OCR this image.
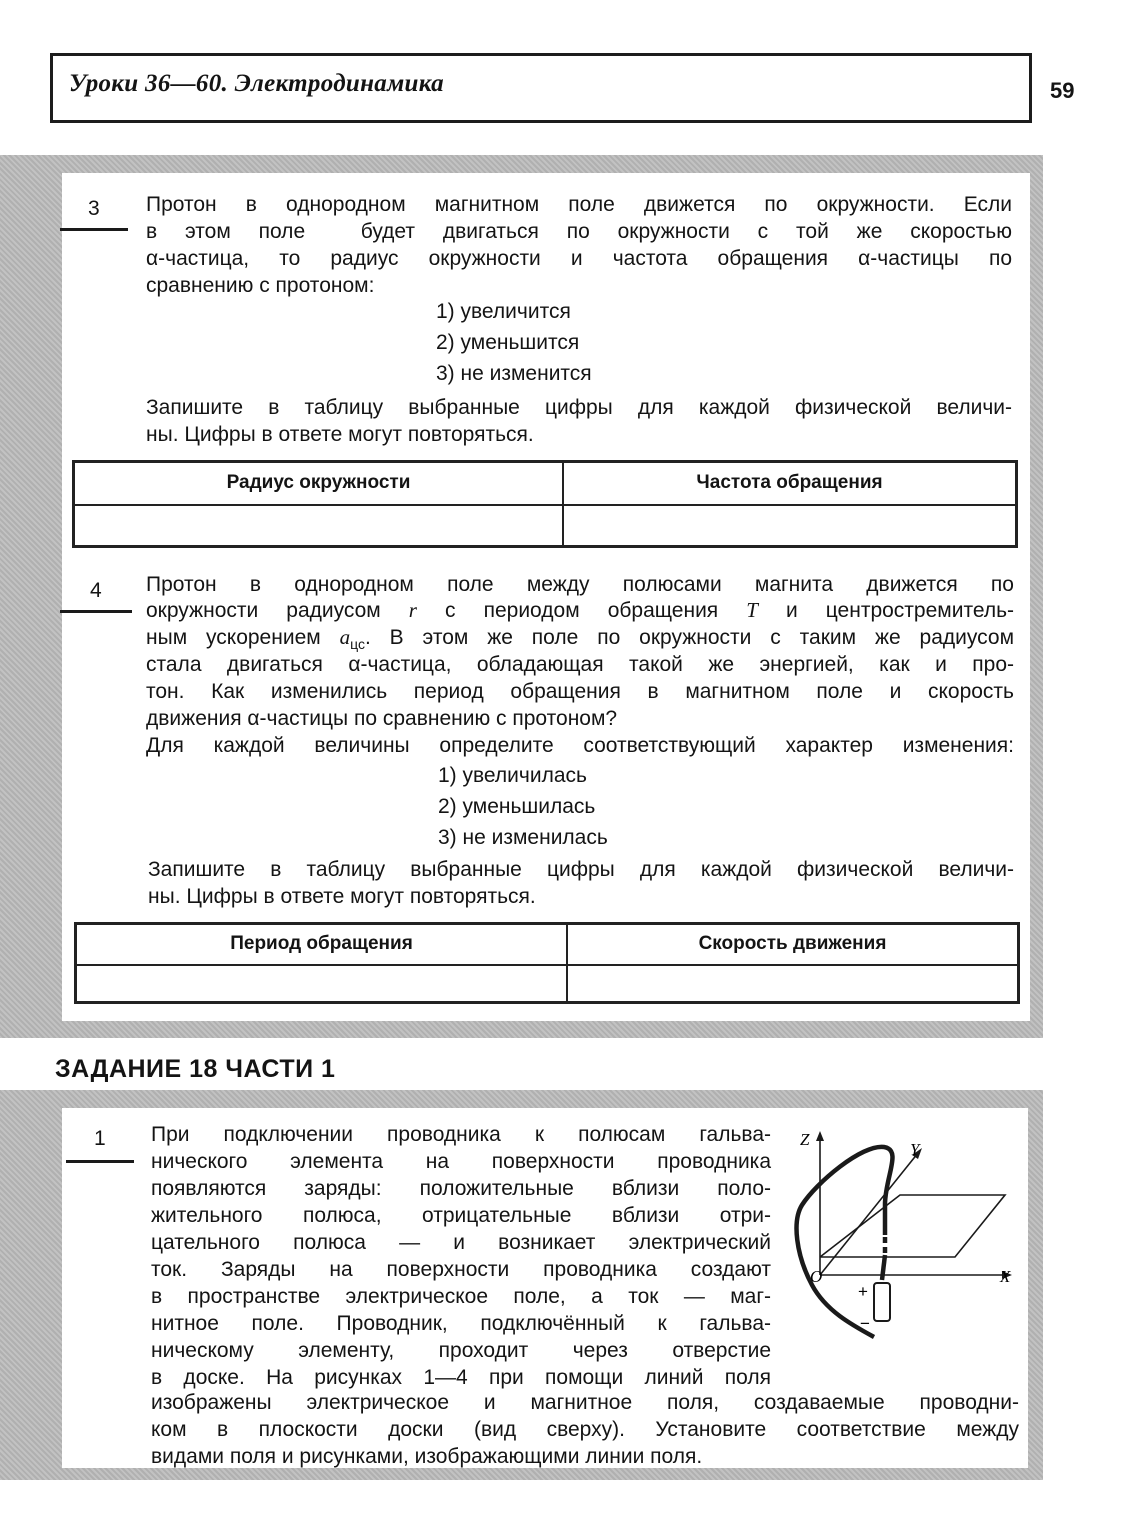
Уроки 36—60. Электродинамика	59
3 Протон в однородном магнитном поле движется по окружности. Если

в этом поле  будет двигаться по окружности с той же скоростью

α-частица, то радиус окружности и частота обращения α-частицы по

сравнению с протоном:

1) увеличится
2) уменьшится
3) не изменится

Запишите в таблицу выбранные цифры для каждой физической величи-

ны. Цифры в ответе могут повторяться.

Радиус окружности	Частота обращения

4 Протон в однородном поле между полюсами магнита движется по

окружности радиусом r с периодом обращения T и центростремитель-

ным ускорением $a_{цс}$. В этом же поле по окружности с таким же радиусом

стала двигаться α-частица, обладающая такой же энергией, как и про-

тон. Как изменились период обращения в магнитном поле и скорость

движения α-частицы по сравнению с протоном?

Для каждой величины определите соответствующий характер изменения:

1) увеличилась
2) уменьшилась
3) не изменилась

Запишите в таблицу выбранные цифры для каждой физической величи-

ны. Цифры в ответе могут повторяться.

Период обращения	Скорость движения

ЗАДАНИЕ 18 ЧАСТИ 1
1 При подключении проводника к полюсам гальва-

нического элемента на поверхности проводника

появляются заряды: положительные вблизи поло-

жительного полюса, отрицательные вблизи отри-

цательного полюса — и возникает электрический

ток. Заряды на поверхности проводника создают

в пространстве электрическое поле, а ток — маг-

нитное поле. Проводник, подключённый к гальва-

ническому элементу, проходит через отверстие

в доске. На рисунках 1—4 при помощи линий поля

изображены электрическое и магнитное поля, создаваемые проводни-

ком в плоскости доски (вид сверху). Установите соответствие между

видами поля и рисунками, изображающими линии поля.

Z
Y
X
O
+
−
